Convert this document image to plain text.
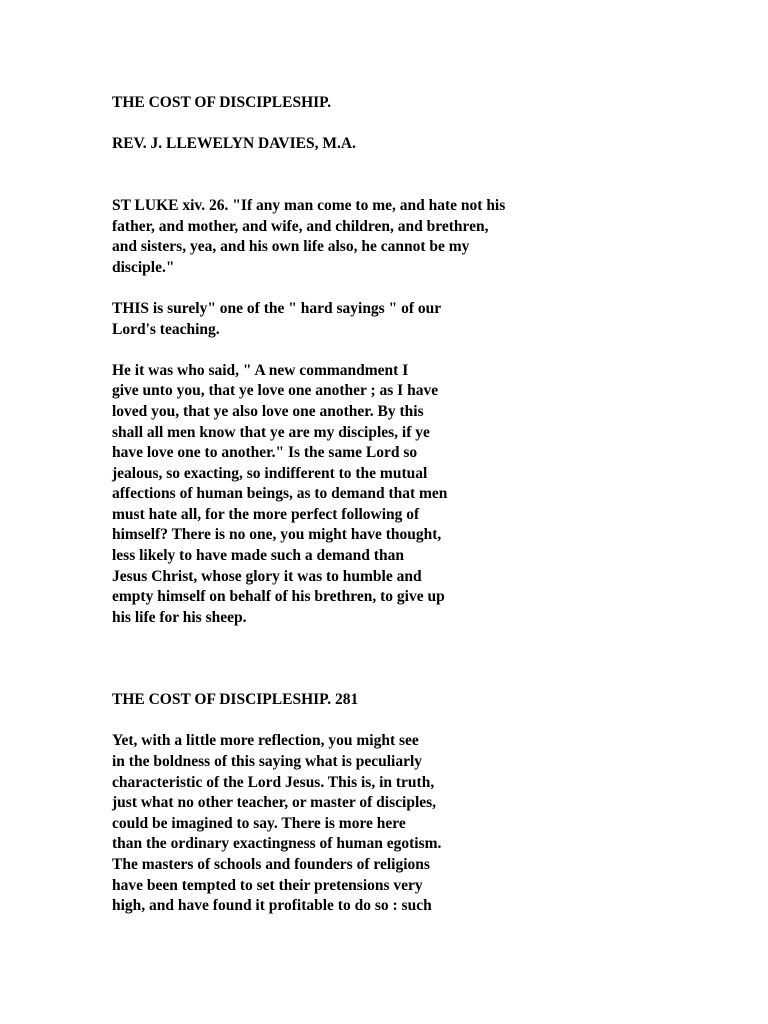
THE COST OF DISCIPLESHIP.
REV. J. LLEWELYN DAVIES, M.A.
ST LUKE xiv. 26. "If any man come to me, and hate not his
father, and mother, and wife, and children, and brethren,
and sisters, yea, and his own life also, he cannot be my
disciple."
THIS is surely" one of the " hard sayings " of our
Lord's teaching.
He it was who said, " A new commandment I
give unto you, that ye love one another ; as I have
loved you, that ye also love one another. By this
shall all men know that ye are my disciples, if ye
have love one to another." Is the same Lord so
jealous, so exacting, so indifferent to the mutual
affections of human beings, as to demand that men
must hate all, for the more perfect following of
himself? There is no one, you might have thought,
less likely to have made such a demand than
Jesus Christ, whose glory it was to humble and
empty himself on behalf of his brethren, to give up
his life for his sheep.
THE COST OF DISCIPLESHIP. 281
Yet, with a little more reflection, you might see
in the boldness of this saying what is peculiarly
characteristic of the Lord Jesus. This is, in truth,
just what no other teacher, or master of disciples,
could be imagined to say. There is more here
than the ordinary exactingness of human egotism.
The masters of schools and founders of religions
have been tempted to set their pretensions very
high, and have found it profitable to do so : such
